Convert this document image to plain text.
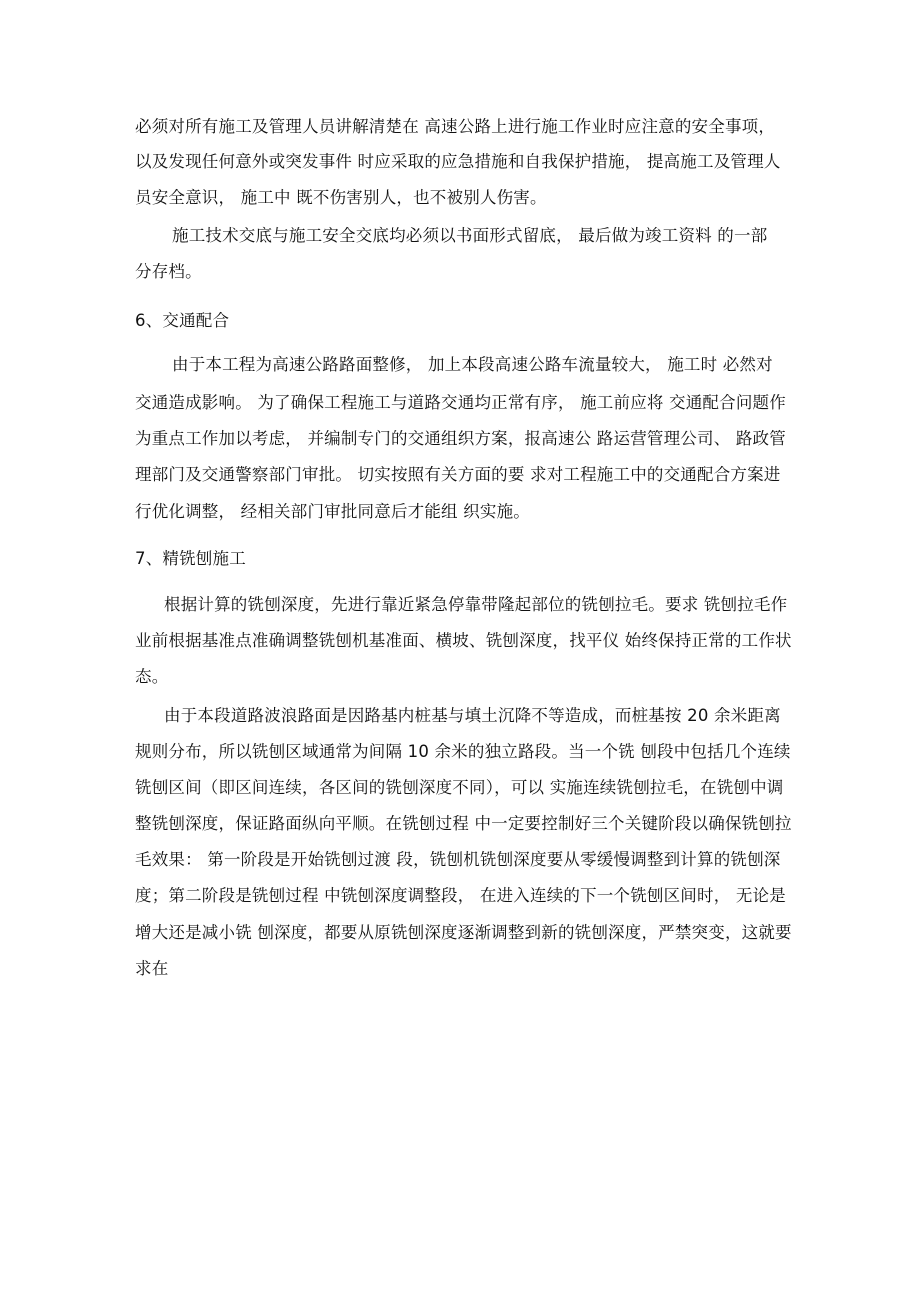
必须对所有施工及管理人员讲解清楚在 高速公路上进行施工作业时应注意的安全事项，
以及发现任何意外或突发事件 时应采取的应急措施和自我保护措施， 提高施工及管理人
员安全意识， 施工中 既不伤害别人，也不被别人伤害。
施工技术交底与施工安全交底均必须以书面形式留底， 最后做为竣工资料 的一部
分存档。
6、交通配合
由于本工程为高速公路路面整修， 加上本段高速公路车流量较大， 施工时 必然对
交通造成影响。 为了确保工程施工与道路交通均正常有序， 施工前应将 交通配合问题作
为重点工作加以考虑， 并编制专门的交通组织方案，报高速公 路运营管理公司、 路政管
理部门及交通警察部门审批。 切实按照有关方面的要 求对工程施工中的交通配合方案进
行优化调整， 经相关部门审批同意后才能组 织实施。
7、精铣刨施工
根据计算的铣刨深度，先进行靠近紧急停靠带隆起部位的铣刨拉毛。要求 铣刨拉毛作
业前根据基准点准确调整铣刨机基准面、横坡、铣刨深度，找平仪 始终保持正常的工作状
态。
由于本段道路波浪路面是因路基内桩基与填土沉降不等造成，而桩基按 20 余米距离
规则分布，所以铣刨区域通常为间隔 10 余米的独立路段。当一个铣 刨段中包括几个连续
铣刨区间（即区间连续，各区间的铣刨深度不同），可以 实施连续铣刨拉毛，在铣刨中调
整铣刨深度，保证路面纵向平顺。在铣刨过程 中一定要控制好三个关键阶段以确保铣刨拉
毛效果： 第一阶段是开始铣刨过渡 段，铣刨机铣刨深度要从零缓慢调整到计算的铣刨深
度；第二阶段是铣刨过程 中铣刨深度调整段， 在进入连续的下一个铣刨区间时， 无论是
增大还是减小铣 刨深度，都要从原铣刨深度逐渐调整到新的铣刨深度，严禁突变，这就要
求在
